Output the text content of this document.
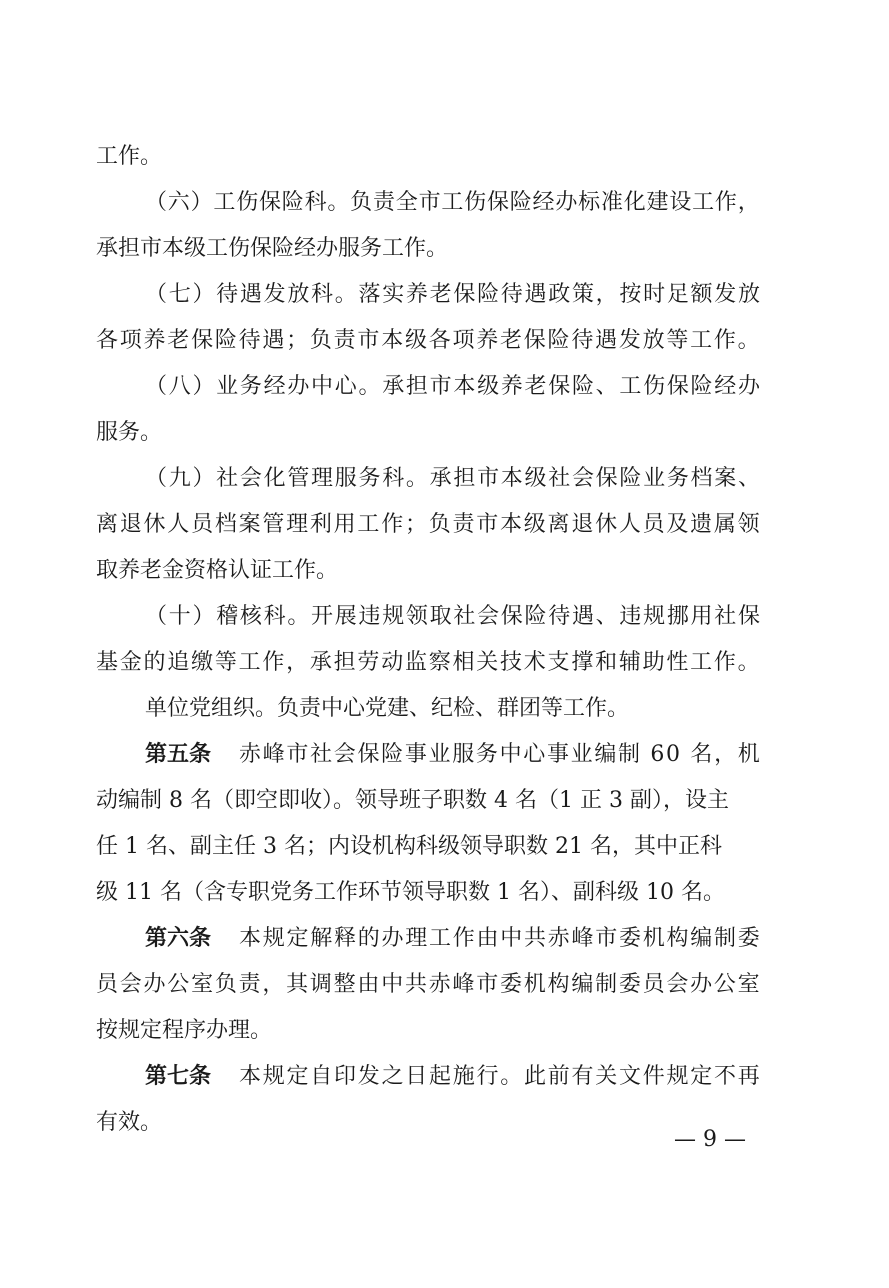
工作。
（ 六 ） 工 伤 保 险 科 。 负 责 全 市 工 伤 保 险 经 办 标 准 化 建 设 工 作 ，
承担市本级工伤保险经办服务工作。
（ 七 ） 待 遇 发 放 科 。 落 实 养 老 保 险 待 遇 政 策 ， 按 时 足 额 发 放
各 项 养 老 保 险 待 遇 ； 负 责 市 本 级 各 项 养 老 保 险 待 遇 发 放 等 工 作 。
（ 八 ） 业 务 经 办 中 心 。 承 担 市 本 级 养 老 保 险 、 工 伤 保 险 经 办
服务。
（ 九 ） 社 会 化 管 理 服 务 科 。 承 担 市 本 级 社 会 保 险 业 务 档 案 、
离 退 休 人 员 档 案 管 理 利 用 工 作 ； 负 责 市 本 级 离 退 休 人 员 及 遗 属 领
取养老金资格认证工作。
（ 十 ） 稽 核 科 。 开 展 违 规 领 取 社 会 保 险 待 遇 、 违 规 挪 用 社 保
基 金 的 追 缴 等 工 作 ， 承 担 劳 动 监 察 相 关 技 术 支 撑 和 辅 助 性 工 作 。
单位党组织。负责中心党建、纪检、群团等工作。
第五条 赤 峰 市 社 会 保 险 事 业 服 务 中 心 事 业 编 制
6 0
名 ， 机
动编制 8 名（即空即收）。领导班子职数 4 名（1 正 3 副），设主
任 1 名、副主任 3 名；内设机构科级领导职数 21 名，其中正科
级 11 名（含专职党务工作环节领导职数 1 名）、副科级 10 名。
第六条 本 规 定 解 释 的 办 理 工 作 由 中 共 赤 峰 市 委 机 构 编 制 委
员 会 办 公 室 负 责 ， 其 调 整 由 中 共 赤 峰 市 委 机 构 编 制 委 员 会 办 公 室
按规定程序办理。
第七条 本 规 定 自 印 发 之 日 起 施 行 。 此 前 有 关 文 件 规 定 不 再
有效。
— 9 —
